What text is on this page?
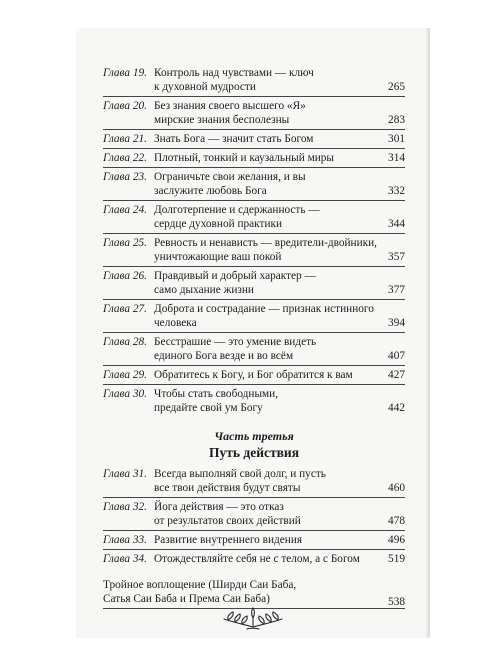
Глава 19. Контроль над чувствами — ключ
к духовной мудрости	265
Глава 20. Без знания своего высшего «Я»
мирские знания бесполезны	283
Глава 21. Знать Бога — значит стать Богом	301
Глава 22. Плотный, тонкий и каузальный миры	314
Глава 23. Ограничьте свои желания, и вы
заслужите любовь Бога	332
Глава 24. Долготерпение и сдержанность —
сердце духовной практики	344
Глава 25. Ревность и ненависть — вредители-двойники,
уничтожающие ваш покой	357
Глава 26. Правдивый и добрый характер —
само дыхание жизни	377
Глава 27. Доброта и сострадание — признак истинного
человека	394
Глава 28. Бесстрашие — это умение видеть
единого Бога везде и во всём	407
Глава 29. Обратитесь к Богу, и Бог обратится к вам	427
Глава 30. Чтобы стать свободными,
предайте свой ум Богу	442
Часть третья
Путь действия
Глава 31. Всегда выполняй свой долг, и пусть
все твои действия будут святы	460
Глава 32. Йога действия — это отказ
от результатов своих действий	478
Глава 33. Развитие внутреннего видения	496
Глава 34. Отождествляйте себя не с телом, а с Богом	519
Тройное воплощение (Ширди Саи Баба,
Сатья Саи Баба и Према Саи Баба)	538
